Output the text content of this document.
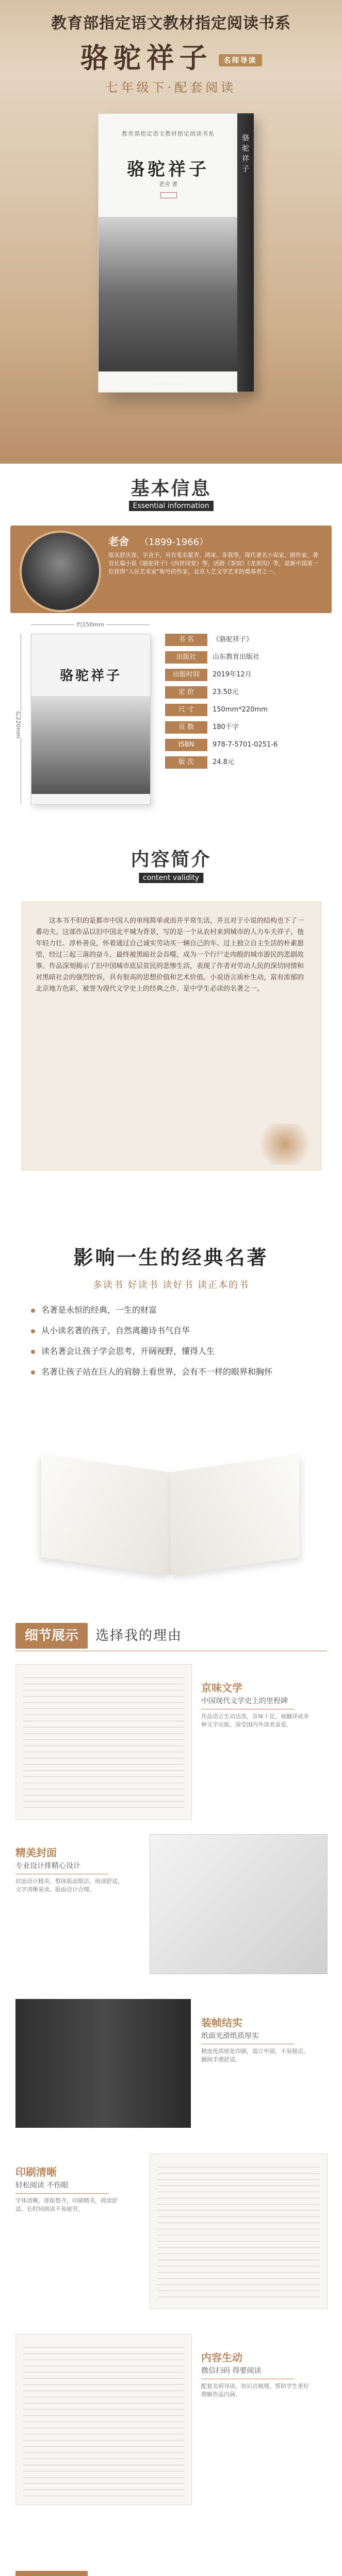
教育部指定语文教材指定阅读书系
骆驼祥子 名师导读
七年级下·配套阅读
教育部指定语文教材指定阅读书系
骆驼祥子
老舍 著
山东教育出版社
骆驼祥子
基本信息
Essential information
老舍 （1899-1966）
原名舒庆春，字舍予，另有笔名絜青、鸿来、非我等。现代著名小说家、剧作家，著有长篇小说《骆驼祥子》《四世同堂》等，话剧《茶馆》《龙须沟》等，是新中国第一位获得“人民艺术家”称号的作家，北京人艺文学艺术的奠基者之一。
约150mm
约220mm
骆驼祥子
书 名	《骆驼祥子》
出版社	山东教育出版社
出版时间	2019年12月
定 价	23.50元
尺 寸	150mm*220mm
页 数	180千字
ISBN	978-7-5701-0251-6
版 次	24.8元
内容简介
content validity
这本书不但的是都市中国人的单纯简单或而并平常生活，并且对于小说的结构也下了一番功夫。这部作品以旧中国北平城为背景，写的是一个从农村来到城市的人力车夫祥子，他年轻力壮、淳朴善良，怀着通过自己诚实劳动买一辆自己的车、过上独立自主生活的朴素愿望，经过三起三落的奋斗，最终被黑暗社会吞噬，成为一个行尸走肉般的城市游民的悲剧故事。作品深刻揭示了旧中国城市底层贫民的悲惨生活，表现了作者对劳动人民的深切同情和对黑暗社会的强烈控诉，具有很高的思想价值和艺术价值。小说语言质朴生动，富有浓郁的北京地方色彩，被誉为现代文学史上的经典之作，是中学生必读的名著之一。
影响一生的经典名著
多读书 好读书 读好书 读正本的书
名著是永恒的经典，一生的财富
从小读名著的孩子，自然离趣诗书气自华
读名著会让孩子学会思考，开阔视野，懂得人生
名著让孩子站在巨人的肩膀上看世界，会有不一样的眼界和胸怀
细节展示	选择我的理由
京味文学
中国现代文学史上的里程碑
作品语言生动活泼，京味十足，被翻译成多种文字出版，深受国内外读者喜爱。
精美封面
专业设计排精心设计
封面设计精美，整体版面简洁，阅读舒适，文字清晰易读，版面设计合理。
装帧结实
纸面光滑纸质厚实
精选优质纸张印刷，装订牢固，不易脱页，翻阅手感舒适。
印刷清晰
轻松阅读 不伤眼
字体清晰，排版整齐，印刷精美，阅读舒适，长时间阅读不易疲劳。
内容生动
微信扫码 得要阅读
配套名师导读，知识点梳理，帮助学生更好理解作品内涵。
